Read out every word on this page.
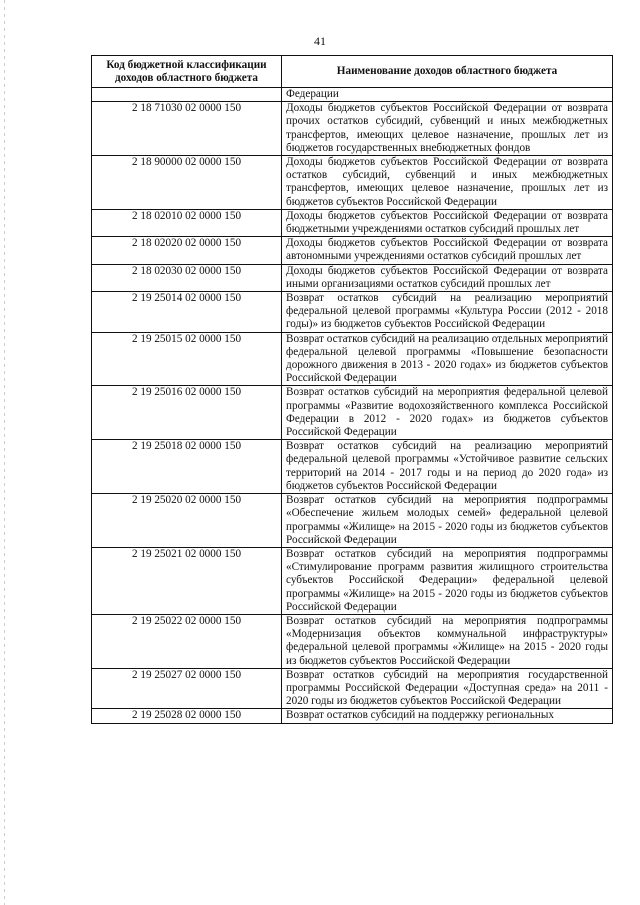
41
Код бюджетной классификации доходов областного бюджета	Наименование доходов областного бюджета
	Федерации
2 18 71030 02 0000 150	Доходы бюджетов субъектов Российской Федерации от возврата прочих остатков субсидий, субвенций и иных межбюджетных трансфертов, имеющих целевое назначение, прошлых лет из бюджетов государственных внебюджетных фондов
2 18 90000 02 0000 150	Доходы бюджетов субъектов Российской Федерации от возврата остатков субсидий, субвенций и иных межбюджетных трансфертов, имеющих целевое назначение, прошлых лет из бюджетов субъектов Российской Федерации
2 18 02010 02 0000 150	Доходы бюджетов субъектов Российской Федерации от возврата бюджетными учреждениями остатков субсидий прошлых лет
2 18 02020 02 0000 150	Доходы бюджетов субъектов Российской Федерации от возврата автономными учреждениями остатков субсидий прошлых лет
2 18 02030 02 0000 150	Доходы бюджетов субъектов Российской Федерации от возврата иными организациями остатков субсидий прошлых лет
2 19 25014 02 0000 150	Возврат остатков субсидий на реализацию мероприятий федеральной целевой программы «Культура России (2012 - 2018 годы)» из бюджетов субъектов Российской Федерации
2 19 25015 02 0000 150	Возврат остатков субсидий на реализацию отдельных мероприятий федеральной целевой программы «Повышение безопасности дорожного движения в 2013 - 2020 годах» из бюджетов субъектов Российской Федерации
2 19 25016 02 0000 150	Возврат остатков субсидий на мероприятия федеральной целевой программы «Развитие водохозяйственного комплекса Российской Федерации в 2012 - 2020 годах» из бюджетов субъектов Российской Федерации
2 19 25018 02 0000 150	Возврат остатков субсидий на реализацию мероприятий федеральной целевой программы «Устойчивое развитие сельских территорий на 2014 - 2017 годы и на период до 2020 года» из бюджетов субъектов Российской Федерации
2 19 25020 02 0000 150	Возврат остатков субсидий на мероприятия подпрограммы «Обеспечение жильем молодых семей» федеральной целевой программы «Жилище» на 2015 - 2020 годы из бюджетов субъектов Российской Федерации
2 19 25021 02 0000 150	Возврат остатков субсидий на мероприятия подпрограммы «Стимулирование программ развития жилищного строительства субъектов Российской Федерации» федеральной целевой программы «Жилище» на 2015 - 2020 годы из бюджетов субъектов Российской Федерации
2 19 25022 02 0000 150	Возврат остатков субсидий на мероприятия подпрограммы «Модернизация объектов коммунальной инфраструктуры» федеральной целевой программы «Жилище» на 2015 - 2020 годы из бюджетов субъектов Российской Федерации
2 19 25027 02 0000 150	Возврат остатков субсидий на мероприятия государственной программы Российской Федерации «Доступная среда» на 2011 - 2020 годы из бюджетов субъектов Российской Федерации
2 19 25028 02 0000 150	Возврат остатков субсидий на поддержку региональных
